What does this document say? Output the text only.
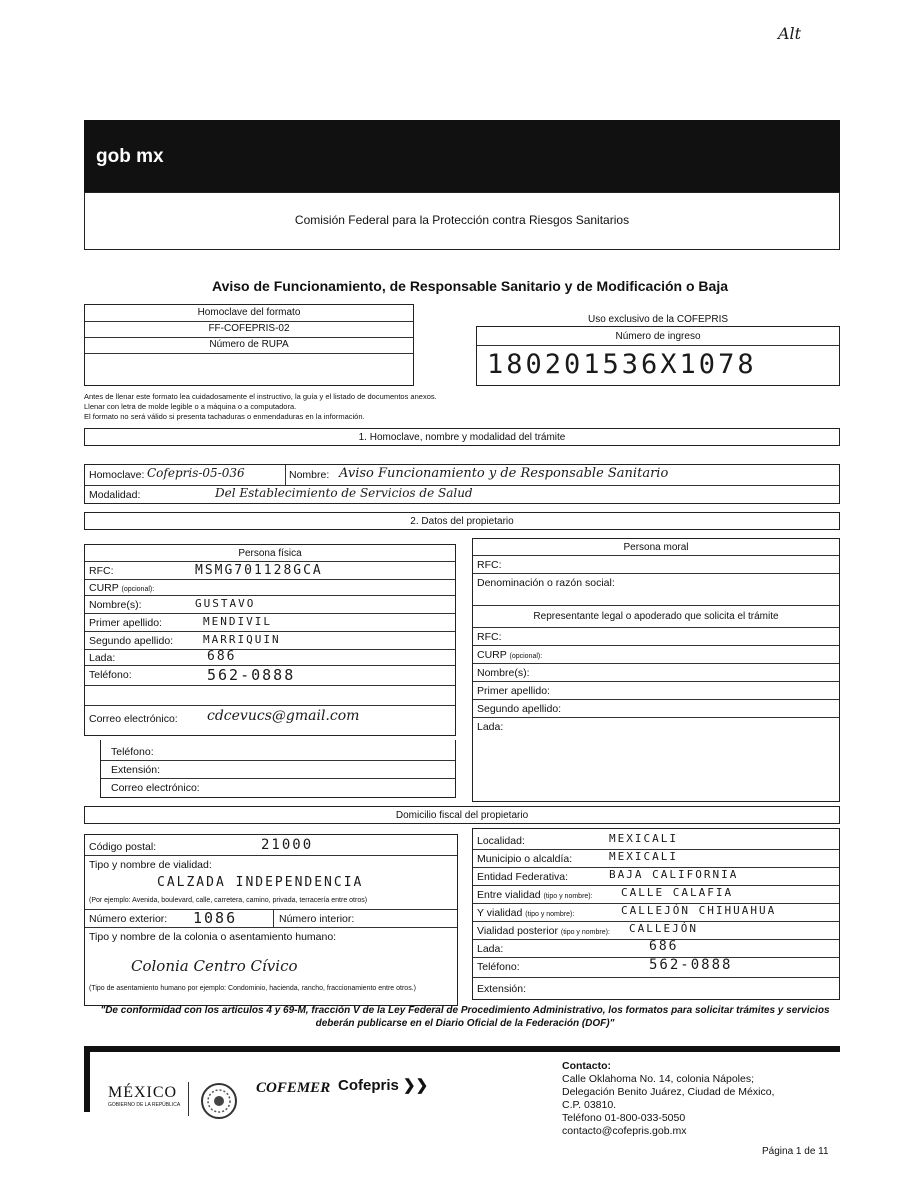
Alt
gob mx
Comisión Federal para la Protección contra Riesgos Sanitarios
Aviso de Funcionamiento, de Responsable Sanitario y de Modificación o Baja
Homoclave del formato
FF-COFEPRIS-02
Número de RUPA
Uso exclusivo de la COFEPRIS
Número de ingreso
180201536X1078
Antes de llenar este formato lea cuidadosamente el instructivo, la guía y el listado de documentos anexos.
Llenar con letra de molde legible o a máquina o a computadora.
El formato no será válido si presenta tachaduras o enmendaduras en la información.
1. Homoclave, nombre y modalidad del trámite
Homoclave: Cofepris-05-036	Nombre: Aviso Funcionamiento y de Responsable Sanitario
Modalidad:	Del Establecimiento de Servicios de Salud
2. Datos del propietario
Persona física
RFC:	MSMG701128GCA
CURP (opcional):
Nombre(s):	GUSTAVO
Primer apellido:	MENDIVIL
Segundo apellido:	MARRIQUIN
Lada:	686
Teléfono:	562-0888
Correo electrónico: cdcevucs@gmail.com
Teléfono:
Extensión:
Correo electrónico:
Persona moral
RFC:
Denominación o razón social:
Representante legal o apoderado que solicita el trámite
RFC:
CURP (opcional):
Nombre(s):
Primer apellido:
Segundo apellido:
Lada:
Domicilio fiscal del propietario
Código postal:	21000
Tipo y nombre de vialidad:
CALZADA INDEPENDENCIA
(Por ejemplo: Avenida, boulevard, calle, carretera, camino, privada, terracería entre otros)
Número exterior: 1086	Número interior:
Tipo y nombre de la colonia o asentamiento humano:
Colonia Centro Cívico
(Tipo de asentamiento humano por ejemplo: Condominio, hacienda, rancho, fraccionamiento entre otros.)
Localidad:	MEXICALI
Municipio o alcaldía:	MEXICALI
Entidad Federativa:	BAJA CALIFORNIA
Entre vialidad (tipo y nombre):	CALLE CALAFIA
Y vialidad (tipo y nombre):	CALLEJÓN CHIHUAHUA
Vialidad posterior (tipo y nombre): CALLEJÓN
Lada:	686
Teléfono:	562-0888
Extensión:
"De conformidad con los artículos 4 y 69-M, fracción V de la Ley Federal de Procedimiento Administrativo, los formatos para solicitar trámites y servicios deberán publicarse en el Diario Oficial de la Federación (DOF)"
MÉXICO
GOBIERNO DE LA REPÚBLICA
COFEMER Cofepris ❯❯
Contacto:
Calle Oklahoma No. 14, colonia Nápoles;
Delegación Benito Juárez, Ciudad de México,
C.P. 03810.
Teléfono 01-800-033-5050
contacto@cofepris.gob.mx
Página 1 de 11
